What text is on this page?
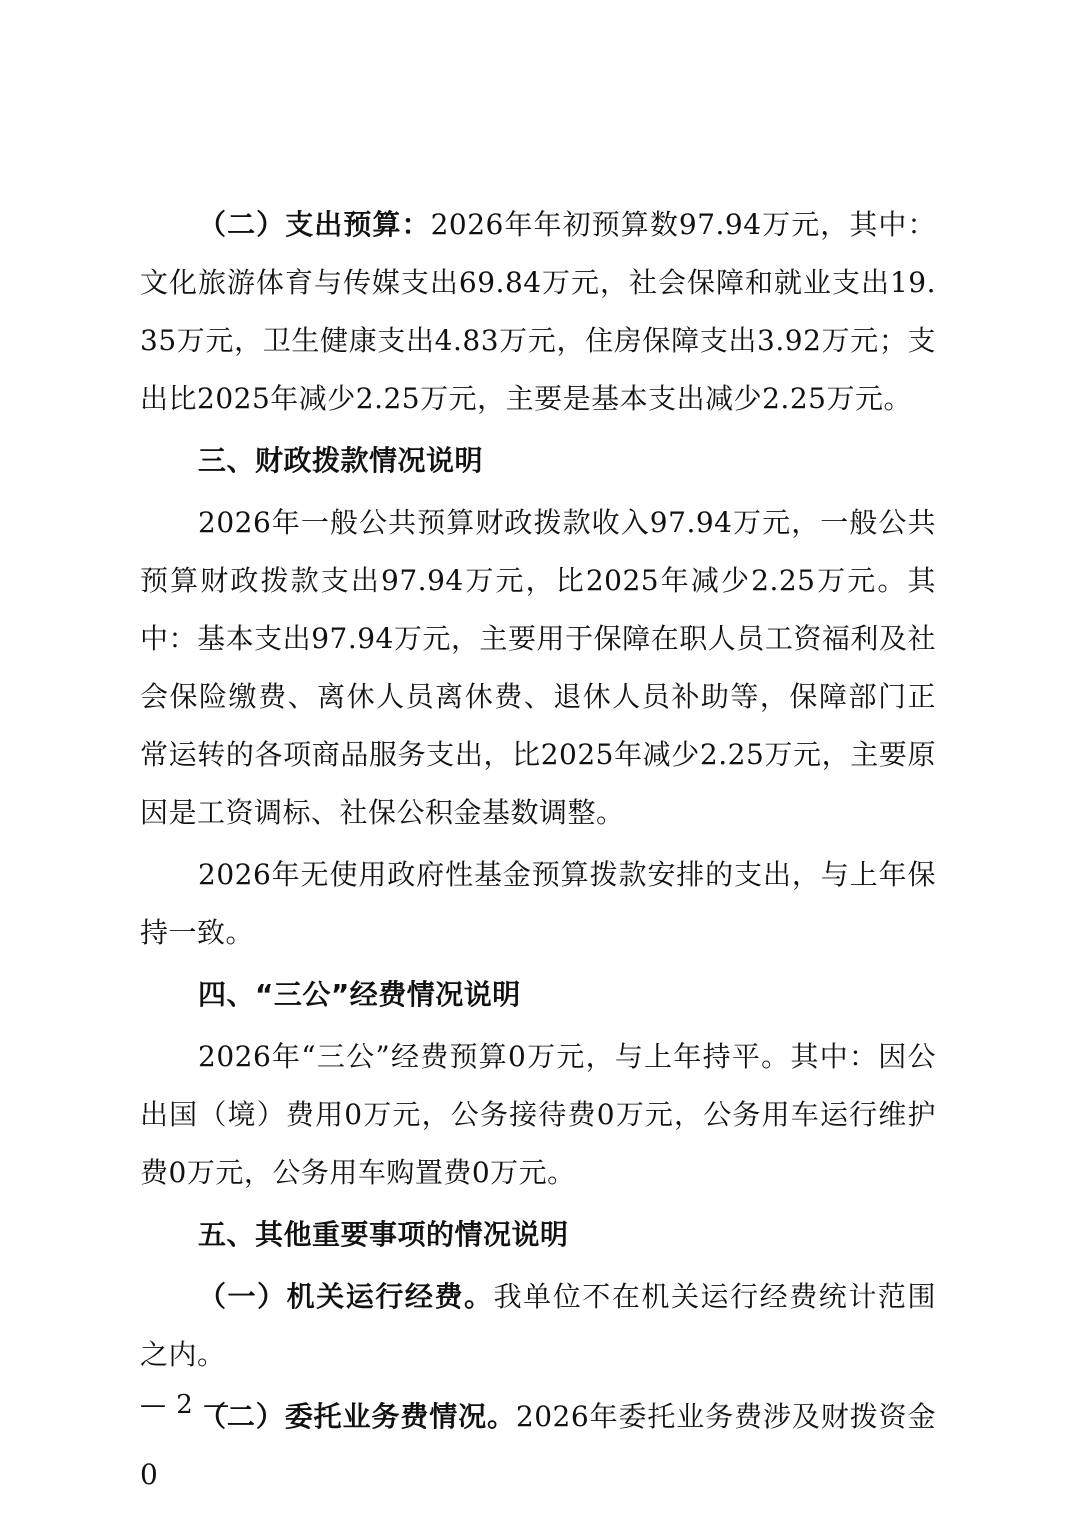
（二）支出预算：2026年年初预算数97.94万元，其中：文化旅游体育与传媒支出69.84万元，社会保障和就业支出19.35万元，卫生健康支出4.83万元，住房保障支出3.92万元；支出比2025年减少2.25万元，主要是基本支出减少2.25万元。

三、财政拨款情况说明

2026年一般公共预算财政拨款收入97.94万元，一般公共预算财政拨款支出97.94万元，比2025年减少2.25万元。其中：基本支出97.94万元，主要用于保障在职人员工资福利及社会保险缴费、离休人员离休费、退休人员补助等，保障部门正常运转的各项商品服务支出，比2025年减少2.25万元，主要原因是工资调标、社保公积金基数调整。

2026年无使用政府性基金预算拨款安排的支出，与上年保持一致。

四、“三公”经费情况说明

2026年“三公”经费预算0万元，与上年持平。其中：因公出国（境）费用0万元，公务接待费0万元，公务用车运行维护费0万元，公务用车购置费0万元。

五、其他重要事项的情况说明

（一）机关运行经费。我单位不在机关运行经费统计范围之内。

（二）委托业务费情况。2026年委托业务费涉及财拨资金0

— 2 —
